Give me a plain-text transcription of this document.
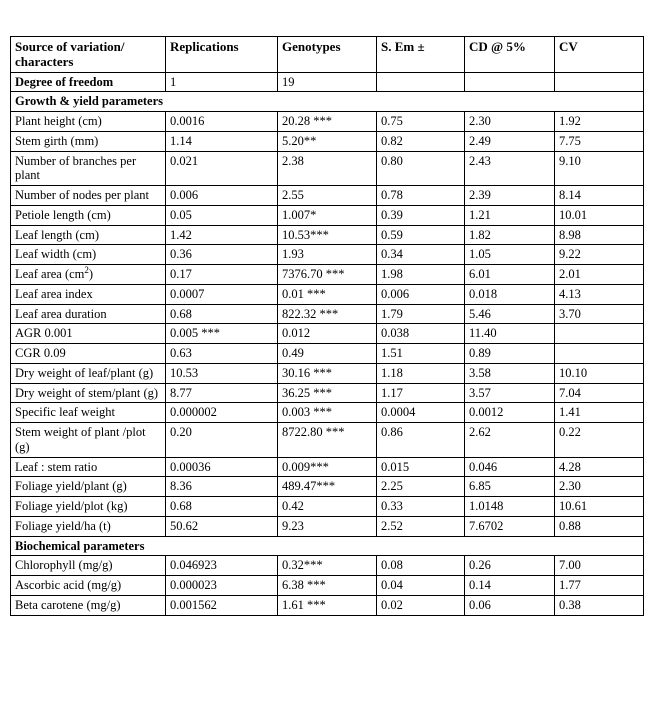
Source of variation/ characters	Replications	Genotypes	S. Em ±	CD @ 5%	CV
Degree of freedom	1	19			
Growth & yield parameters					
Plant height (cm)	0.0016	20.28 ***	0.75	2.30	1.92
Stem girth (mm)	1.14	5.20**	0.82	2.49	7.75
Number of branches per plant	0.021	2.38	0.80	2.43	9.10
Number of nodes per plant	0.006	2.55	0.78	2.39	8.14
Petiole length (cm)	0.05	1.007*	0.39	1.21	10.01
Leaf length (cm)	1.42	10.53***	0.59	1.82	8.98
Leaf width (cm)	0.36	1.93	0.34	1.05	9.22
Leaf area $(cm^2)$	0.17	7376.70 ***	1.98	6.01	2.01
Leaf area index	0.0007	0.01 ***	0.006	0.018	4.13
Leaf area duration	0.68	822.32 ***	1.79	5.46	3.70
AGR 0.001	0.005 ***	0.012	0.038	11.40	
CGR 0.09	0.63	0.49	1.51	0.89	
Dry weight of leaf/plant (g)	10.53	30.16 ***	1.18	3.58	10.10
Dry weight of stem/plant (g)	8.77	36.25 ***	1.17	3.57	7.04
Specific leaf weight	0.000002	0.003 ***	0.0004	0.0012	1.41
Stem weight of plant /plot (g)	0.20	8722.80 ***	0.86	2.62	0.22
Leaf : stem ratio	0.00036	0.009***	0.015	0.046	4.28
Foliage yield/plant (g)	8.36	489.47***	2.25	6.85	2.30
Foliage yield/plot (kg)	0.68	0.42	0.33	1.0148	10.61
Foliage yield/ha (t)	50.62	9.23	2.52	7.6702	0.88
Biochemical parameters					
Chlorophyll (mg/g)	0.046923	0.32***	0.08	0.26	7.00
Ascorbic acid (mg/g)	0.000023	6.38 ***	0.04	0.14	1.77
Beta carotene (mg/g)	0.001562	1.61 ***	0.02	0.06	0.38
